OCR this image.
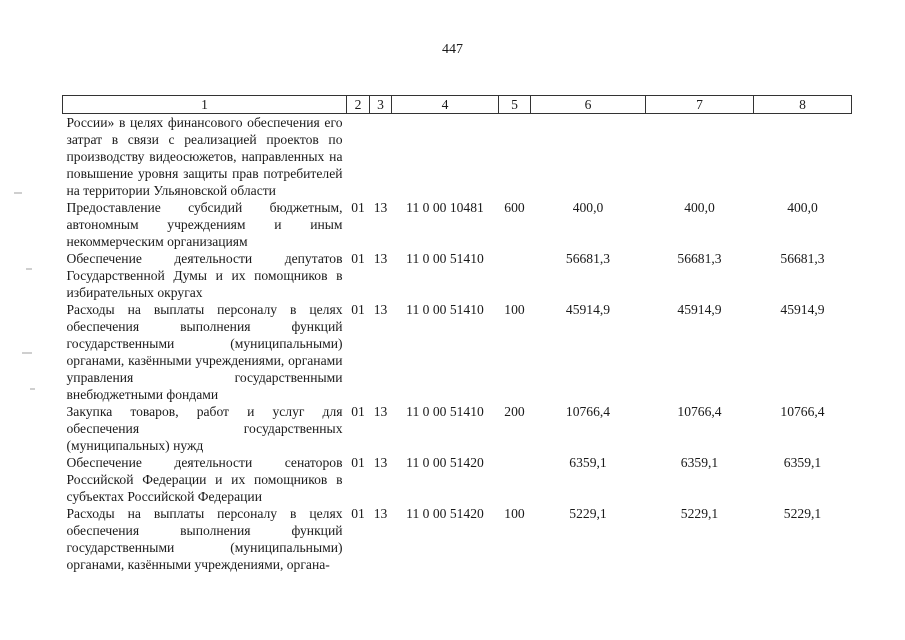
447
1	2	3	4	5	6	7	8
России» в целях финансового обеспечения его затрат в связи с реализацией проектов по производству видеосюжетов, направленных на повышение уровня защиты прав потребителей на территории Ульяновской области							
Предоставление субсидий бюджетным, автономным учреждениям и иным некоммерческим организациям	01	13	11 0 00 10481	600	400,0	400,0	400,0
Обеспечение деятельности депутатов Государственной Думы и их помощников в избирательных округах	01	13	11 0 00 51410		56681,3	56681,3	56681,3
Расходы на выплаты персоналу в целях обеспечения выполнения функций государственными (муниципальными) органами, казёнными учреждениями, органами управления государственными внебюджетными фондами	01	13	11 0 00 51410	100	45914,9	45914,9	45914,9
Закупка товаров, работ и услуг для обеспечения государственных (муниципальных) нужд	01	13	11 0 00 51410	200	10766,4	10766,4	10766,4
Обеспечение деятельности сенаторов Российской Федерации и их помощников в субъектах Российской Федерации	01	13	11 0 00 51420		6359,1	6359,1	6359,1
Расходы на выплаты персоналу в целях обеспечения выполнения функций государственными (муниципальными) органами, казёнными учреждениями, органа-	01	13	11 0 00 51420	100	5229,1	5229,1	5229,1
